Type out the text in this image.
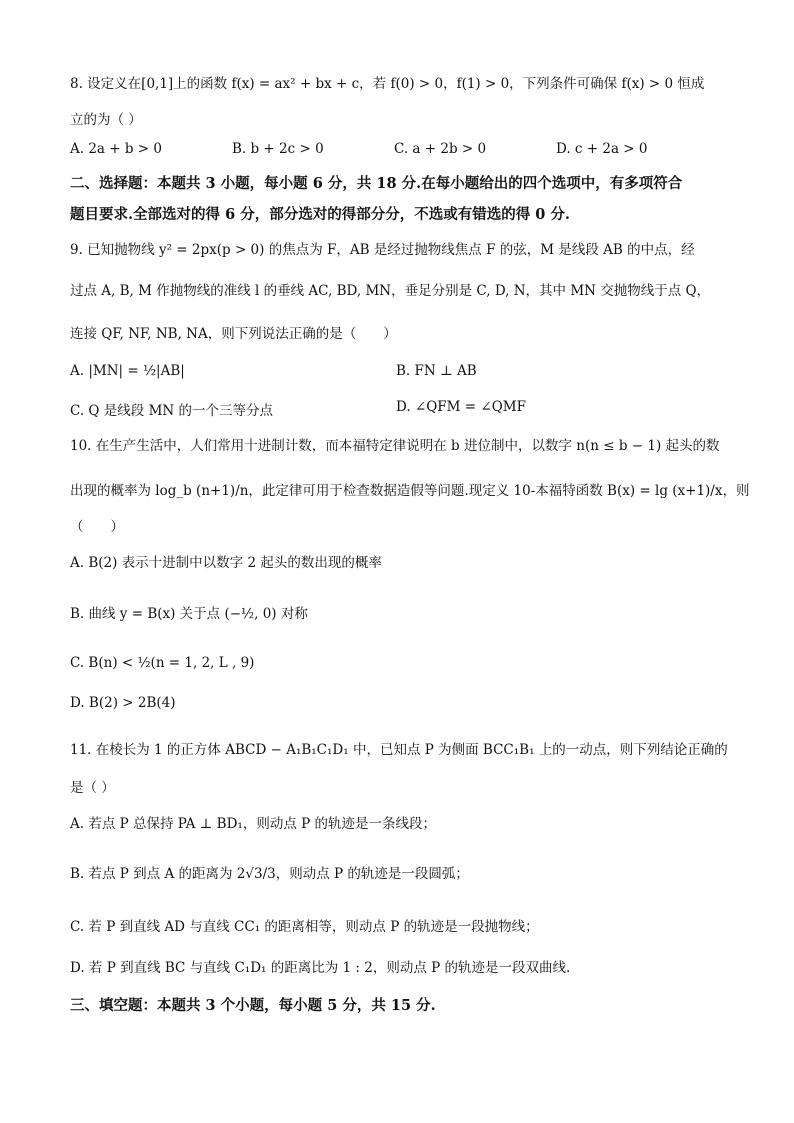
8. 设定义在[0,1]上的函数 f(x) = ax² + bx + c，若 f(0) > 0，f(1) > 0，下列条件可确保 f(x) > 0 恒成
立的为（ ）
A. 2a + b > 0	B. b + 2c > 0	C. a + 2b > 0	D. c + 2a > 0
二、选择题：本题共 3 小题，每小题 6 分，共 18 分.在每小题给出的四个选项中，有多项符合
题目要求.全部选对的得 6 分，部分选对的得部分分，不选或有错选的得 0 分.
9. 已知抛物线 y² = 2px(p > 0) 的焦点为 F，AB 是经过抛物线焦点 F 的弦，M 是线段 AB 的中点，经
过点 A, B, M 作抛物线的准线 l 的垂线 AC, BD, MN，垂足分别是 C, D, N，其中 MN 交抛物线于点 Q，
连接 QF, NF, NB, NA，则下列说法正确的是（　　）
A. |MN| = ½|AB|	B. FN ⊥ AB
C. Q 是线段 MN 的一个三等分点	D. ∠QFM = ∠QMF
10. 在生产生活中，人们常用十进制计数，而本福特定律说明在 b 进位制中，以数字 n(n ≤ b − 1) 起头的数
出现的概率为 log_b (n+1)/n，此定律可用于检查数据造假等问题.现定义 10-本福特函数 B(x) = lg (x+1)/x，则
（　　）
A. B(2) 表示十进制中以数字 2 起头的数出现的概率
B. 曲线 y = B(x) 关于点 (−½, 0) 对称
C. B(n) < ½(n = 1, 2, L , 9)
D. B(2) > 2B(4)
11. 在棱长为 1 的正方体 ABCD − A₁B₁C₁D₁ 中，已知点 P 为侧面 BCC₁B₁ 上的一动点，则下列结论正确的
是（ ）
A. 若点 P 总保持 PA ⊥ BD₁，则动点 P 的轨迹是一条线段；
B. 若点 P 到点 A 的距离为 2√3/3，则动点 P 的轨迹是一段圆弧；
C. 若 P 到直线 AD 与直线 CC₁ 的距离相等，则动点 P 的轨迹是一段抛物线；
D. 若 P 到直线 BC 与直线 C₁D₁ 的距离比为 1 : 2，则动点 P 的轨迹是一段双曲线.
三、填空题：本题共 3 个小题，每小题 5 分，共 15 分.
